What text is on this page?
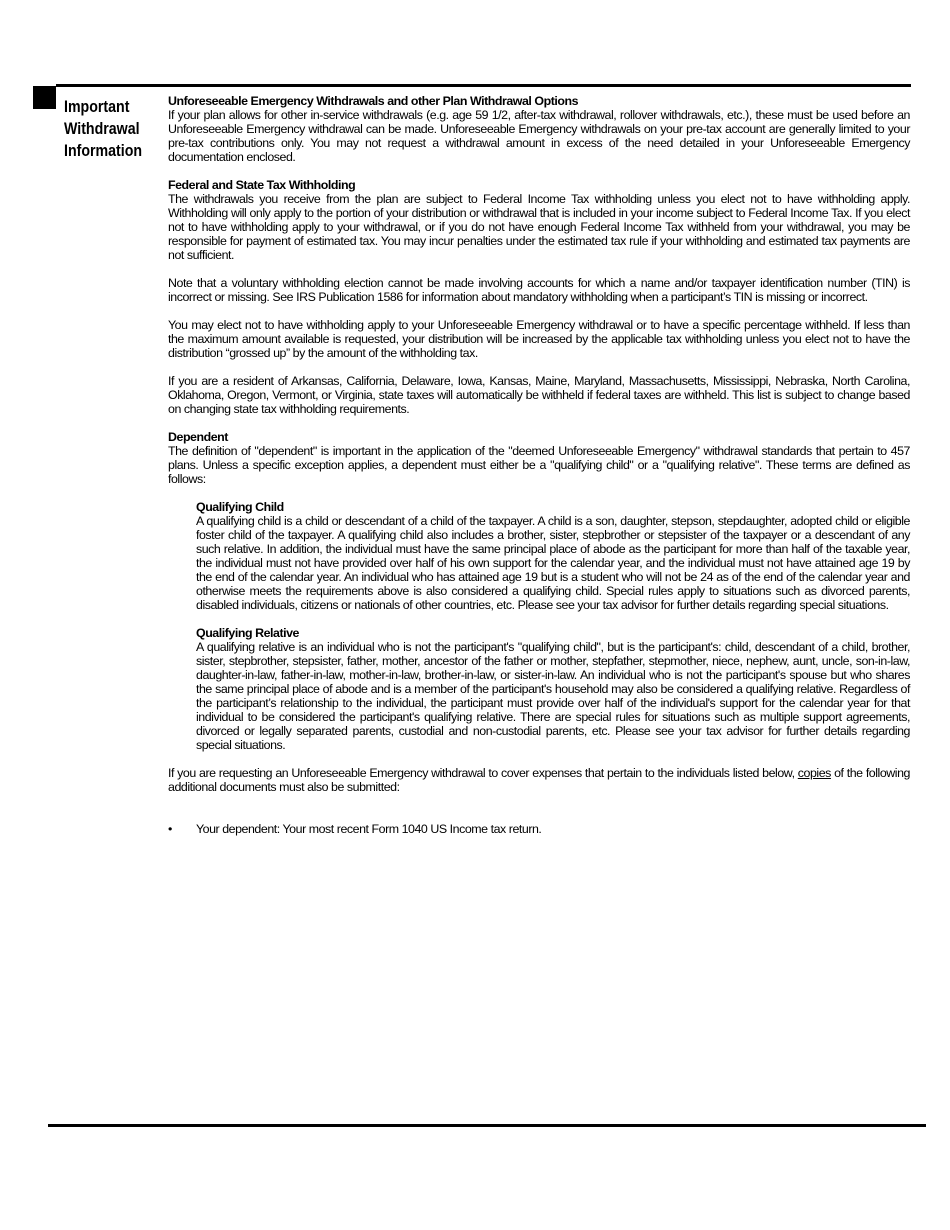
Important
Withdrawal
Information

Unforeseeable Emergency Withdrawals and other Plan Withdrawal Options
If your plan allows for other in-service withdrawals (e.g. age 59 1/2, after-tax withdrawal, rollover withdrawals, etc.), these must be used before an Unforeseeable Emergency withdrawal can be made. Unforeseeable Emergency withdrawals on your pre-tax account are generally limited to your pre-tax contributions only. You may not request a withdrawal amount in excess of the need detailed in your Unforeseeable Emergency documentation enclosed.

Federal and State Tax Withholding
The withdrawals you receive from the plan are subject to Federal Income Tax withholding unless you elect not to have withholding apply. Withholding will only apply to the portion of your distribution or withdrawal that is included in your income subject to Federal Income Tax. If you elect not to have withholding apply to your withdrawal, or if you do not have enough Federal Income Tax withheld from your withdrawal, you may be responsible for payment of estimated tax. You may incur penalties under the estimated tax rule if your withholding and estimated tax payments are not sufficient.

Note that a voluntary withholding election cannot be made involving accounts for which a name and/or taxpayer identification number (TIN) is incorrect or missing. See IRS Publication 1586 for information about mandatory withholding when a participant’s TIN is missing or incorrect.

You may elect not to have withholding apply to your Unforeseeable Emergency withdrawal or to have a specific percentage withheld. If less than the maximum amount available is requested, your distribution will be increased by the applicable tax withholding unless you elect not to have the distribution “grossed up” by the amount of the withholding tax.

If you are a resident of Arkansas, California, Delaware, Iowa, Kansas, Maine, Maryland, Massachusetts, Mississippi, Nebraska, North Carolina, Oklahoma, Oregon, Vermont, or Virginia, state taxes will automatically be withheld if federal taxes are withheld. This list is subject to change based on changing state tax withholding requirements.

Dependent
The definition of "dependent" is important in the application of the "deemed Unforeseeable Emergency" withdrawal standards that pertain to 457 plans. Unless a specific exception applies, a dependent must either be a "qualifying child" or a "qualifying relative". These terms are defined as follows:

Qualifying Child
A qualifying child is a child or descendant of a child of the taxpayer. A child is a son, daughter, stepson, stepdaughter, adopted child or eligible foster child of the taxpayer. A qualifying child also includes a brother, sister, stepbrother or stepsister of the taxpayer or a descendant of any such relative. In addition, the individual must have the same principal place of abode as the participant for more than half of the taxable year, the individual must not have provided over half of his own support for the calendar year, and the individual must not have attained age 19 by the end of the calendar year. An individual who has attained age 19 but is a student who will not be 24 as of the end of the calendar year and otherwise meets the requirements above is also considered a qualifying child. Special rules apply to situations such as divorced parents, disabled individuals, citizens or nationals of other countries, etc. Please see your tax advisor for further details regarding special situations.

Qualifying Relative
A qualifying relative is an individual who is not the participant's "qualifying child", but is the participant's: child, descendant of a child, brother, sister, stepbrother, stepsister, father, mother, ancestor of the father or mother, stepfather, stepmother, niece, nephew, aunt, uncle, son-in-law, daughter-in-law, father-in-law, mother-in-law, brother-in-law, or sister-in-law. An individual who is not the participant's spouse but who shares the same principal place of abode and is a member of the participant's household may also be considered a qualifying relative. Regardless of the participant’s relationship to the individual, the participant must provide over half of the individual's support for the calendar year for that individual to be considered the participant's qualifying relative. There are special rules for situations such as multiple support agreements, divorced or legally separated parents, custodial and non-custodial parents, etc. Please see your tax advisor for further details regarding special situations.

If you are requesting an Unforeseeable Emergency withdrawal to cover expenses that pertain to the individuals listed below, copies of the following additional documents must also be submitted:

•	Your dependent: Your most recent Form 1040 US Income tax return.
